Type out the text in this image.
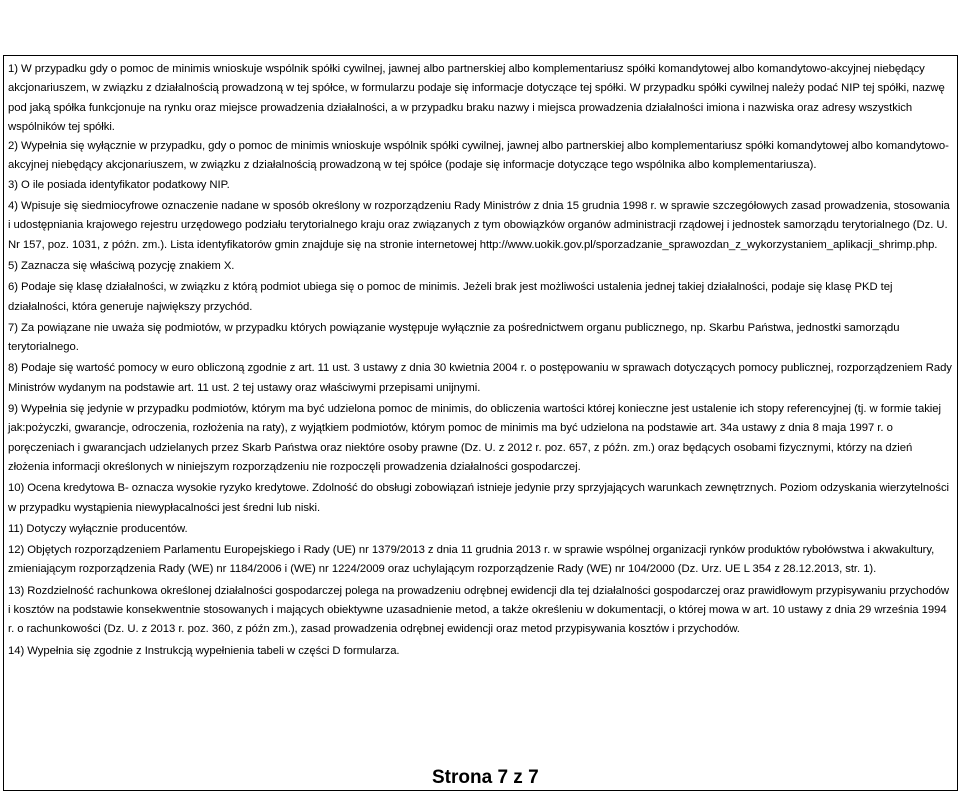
1) W przypadku gdy o pomoc de minimis wnioskuje wspólnik spółki cywilnej, jawnej albo partnerskiej albo komplementariusz spółki komandytowej albo komandytowo-akcyjnej niebędący akcjonariuszem, w związku z działalnością prowadzoną w tej spółce, w formularzu podaje się informacje dotyczące tej spółki. W przypadku spółki cywilnej należy podać NIP tej spółki, nazwę pod jaką spółka funkcjonuje na rynku oraz miejsce prowadzenia działalności, a w przypadku braku nazwy i miejsca prowadzenia działalności imiona i nazwiska oraz adresy wszystkich wspólników tej spółki.

2) Wypełnia się wyłącznie w przypadku, gdy o pomoc de minimis wnioskuje wspólnik spółki cywilnej, jawnej albo partnerskiej albo komplementariusz spółki komandytowej albo komandytowo-akcyjnej niebędący akcjonariuszem, w związku z działalnością prowadzoną w tej spółce (podaje się informacje dotyczące tego wspólnika albo komplementariusza).

3) O ile posiada identyfikator podatkowy NIP.

4) Wpisuje się siedmiocyfrowe oznaczenie nadane w sposób określony w rozporządzeniu Rady Ministrów z dnia 15 grudnia 1998 r. w sprawie szczegółowych zasad prowadzenia, stosowania i udostępniania krajowego rejestru urzędowego podziału terytorialnego kraju oraz związanych z tym obowiązków organów administracji rządowej i jednostek samorządu terytorialnego (Dz. U. Nr 157, poz. 1031, z późn. zm.). Lista identyfikatorów gmin znajduje się na stronie internetowej http://www.uokik.gov.pl/sporzadzanie_sprawozdan_z_wykorzystaniem_aplikacji_shrimp.php.

5) Zaznacza się właściwą pozycję znakiem X.

6) Podaje się klasę działalności, w związku z którą podmiot ubiega się o pomoc de minimis. Jeżeli brak jest możliwości ustalenia jednej takiej działalności, podaje się klasę PKD tej działalności, która generuje największy przychód.

7) Za powiązane nie uważa się podmiotów, w przypadku których powiązanie występuje wyłącznie za pośrednictwem organu publicznego, np. Skarbu Państwa, jednostki samorządu terytorialnego.

8) Podaje się wartość pomocy w euro obliczoną zgodnie z art. 11 ust. 3 ustawy z dnia 30 kwietnia 2004 r. o postępowaniu w sprawach dotyczących pomocy publicznej, rozporządzeniem Rady Ministrów wydanym na podstawie art. 11 ust. 2 tej ustawy oraz właściwymi przepisami unijnymi.

9) Wypełnia się jedynie w przypadku podmiotów, którym ma być udzielona pomoc de minimis, do obliczenia wartości której konieczne jest ustalenie ich stopy referencyjnej (tj. w formie takiej jak:pożyczki, gwarancje, odroczenia, rozłożenia na raty), z wyjątkiem podmiotów, którym pomoc de minimis ma być udzielona na podstawie art. 34a ustawy z dnia 8 maja 1997 r. o poręczeniach i gwarancjach udzielanych przez Skarb Państwa oraz niektóre osoby prawne (Dz. U. z 2012 r. poz. 657, z późn. zm.) oraz będących osobami fizycznymi, którzy na dzień złożenia informacji określonych w niniejszym rozporządzeniu nie rozpoczęli prowadzenia działalności gospodarczej.

10) Ocena kredytowa B- oznacza wysokie ryzyko kredytowe. Zdolność do obsługi zobowiązań istnieje jedynie przy sprzyjających warunkach zewnętrznych. Poziom odzyskania wierzytelności w przypadku wystąpienia niewypłacalności jest średni lub niski.

11) Dotyczy wyłącznie producentów.

12) Objętych rozporządzeniem Parlamentu Europejskiego i Rady (UE) nr 1379/2013 z dnia 11 grudnia 2013 r. w sprawie wspólnej organizacji rynków produktów rybołówstwa i akwakultury, zmieniającym rozporządzenia Rady (WE) nr 1184/2006 i (WE) nr 1224/2009 oraz uchylającym rozporządzenie Rady (WE) nr 104/2000 (Dz. Urz. UE L 354 z 28.12.2013, str. 1).

13) Rozdzielność rachunkowa określonej działalności gospodarczej polega na prowadzeniu odrębnej ewidencji dla tej działalności gospodarczej oraz prawidłowym przypisywaniu przychodów i kosztów na podstawie konsekwentnie stosowanych i mających obiektywne uzasadnienie metod, a także określeniu w dokumentacji, o której mowa w art. 10 ustawy z dnia 29 września 1994 r. o rachunkowości (Dz. U. z 2013 r. poz. 360, z późn zm.), zasad prowadzenia odrębnej ewidencji oraz metod przypisywania kosztów i przychodów.

14) Wypełnia się zgodnie z Instrukcją wypełnienia tabeli w części D formularza.

Strona 7 z 7
